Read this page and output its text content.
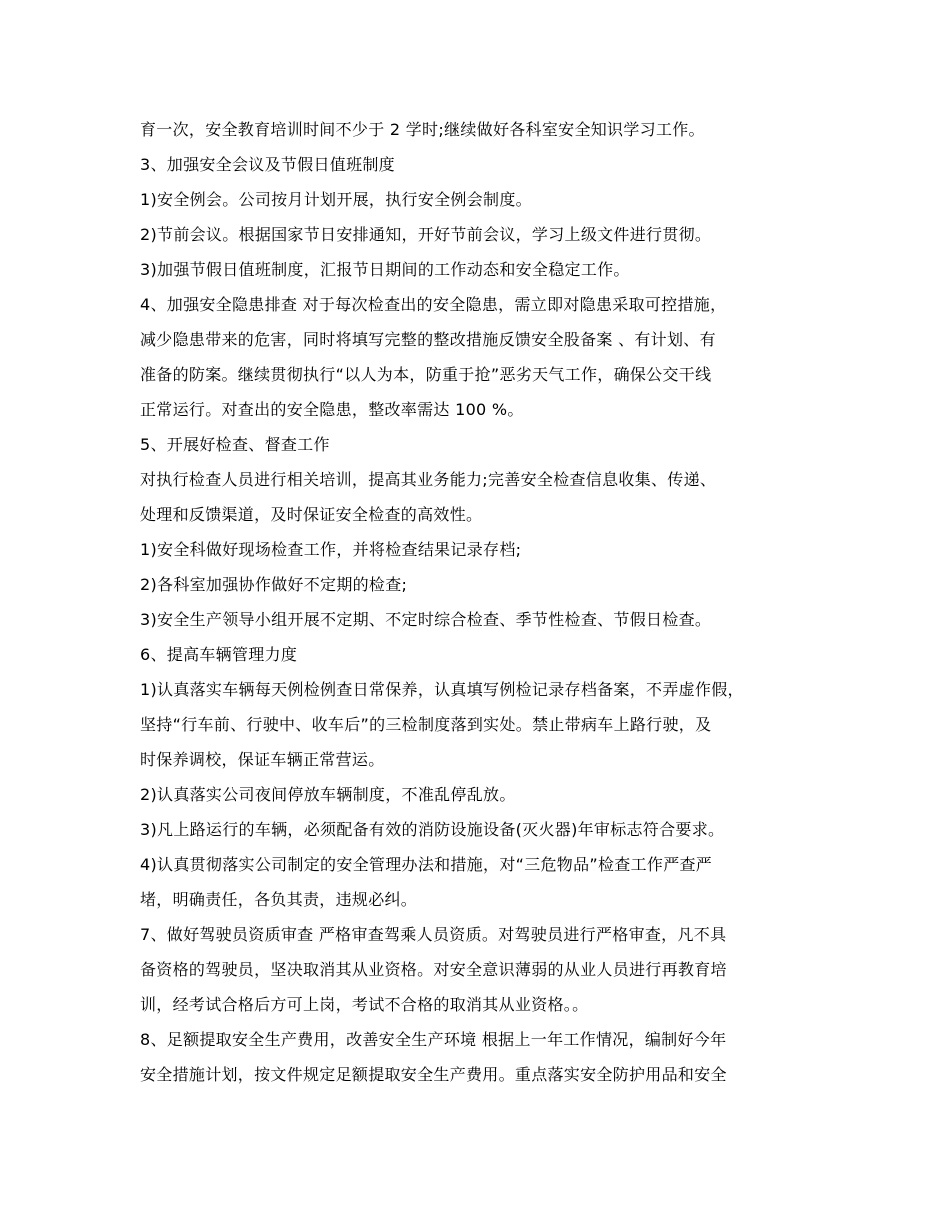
育一次，安全教育培训时间不少于 2 学时;继续做好各科室安全知识学习工作。
3、加强安全会议及节假日值班制度
1)安全例会。公司按月计划开展，执行安全例会制度。
2)节前会议。根据国家节日安排通知，开好节前会议，学习上级文件进行贯彻。
3)加强节假日值班制度，汇报节日期间的工作动态和安全稳定工作。
4、加强安全隐患排查 对于每次检查出的安全隐患，需立即对隐患采取可控措施，
减少隐患带来的危害，同时将填写完整的整改措施反馈安全股备案 、有计划、有
准备的防案。继续贯彻执行“以人为本，防重于抢”恶劣天气工作，确保公交干线
正常运行。对查出的安全隐患，整改率需达 100 %。
5、开展好检查、督查工作
对执行检查人员进行相关培训，提高其业务能力;完善安全检查信息收集、传递、
处理和反馈渠道，及时保证安全检查的高效性。
1)安全科做好现场检查工作，并将检查结果记录存档;
2)各科室加强协作做好不定期的检查;
3)安全生产领导小组开展不定期、不定时综合检查、季节性检查、节假日检查。
6、提高车辆管理力度
1)认真落实车辆每天例检例查日常保养，认真填写例检记录存档备案，不弄虚作假，
坚持“行车前、行驶中、收车后”的三检制度落到实处。禁止带病车上路行驶，及
时保养调校，保证车辆正常营运。
2)认真落实公司夜间停放车辆制度，不准乱停乱放。
3)凡上路运行的车辆，必须配备有效的消防设施设备(灭火器)年审标志符合要求。
4)认真贯彻落实公司制定的安全管理办法和措施，对“三危物品”检查工作严查严
堵，明确责任，各负其责，违规必纠。
7、做好驾驶员资质审查 严格审查驾乘人员资质。对驾驶员进行严格审查，凡不具
备资格的驾驶员，坚决取消其从业资格。对安全意识薄弱的从业人员进行再教育培
训，经考试合格后方可上岗，考试不合格的取消其从业资格。。
8、足额提取安全生产费用，改善安全生产环境 根据上一年工作情况，编制好今年
安全措施计划，按文件规定足额提取安全生产费用。重点落实安全防护用品和安全
